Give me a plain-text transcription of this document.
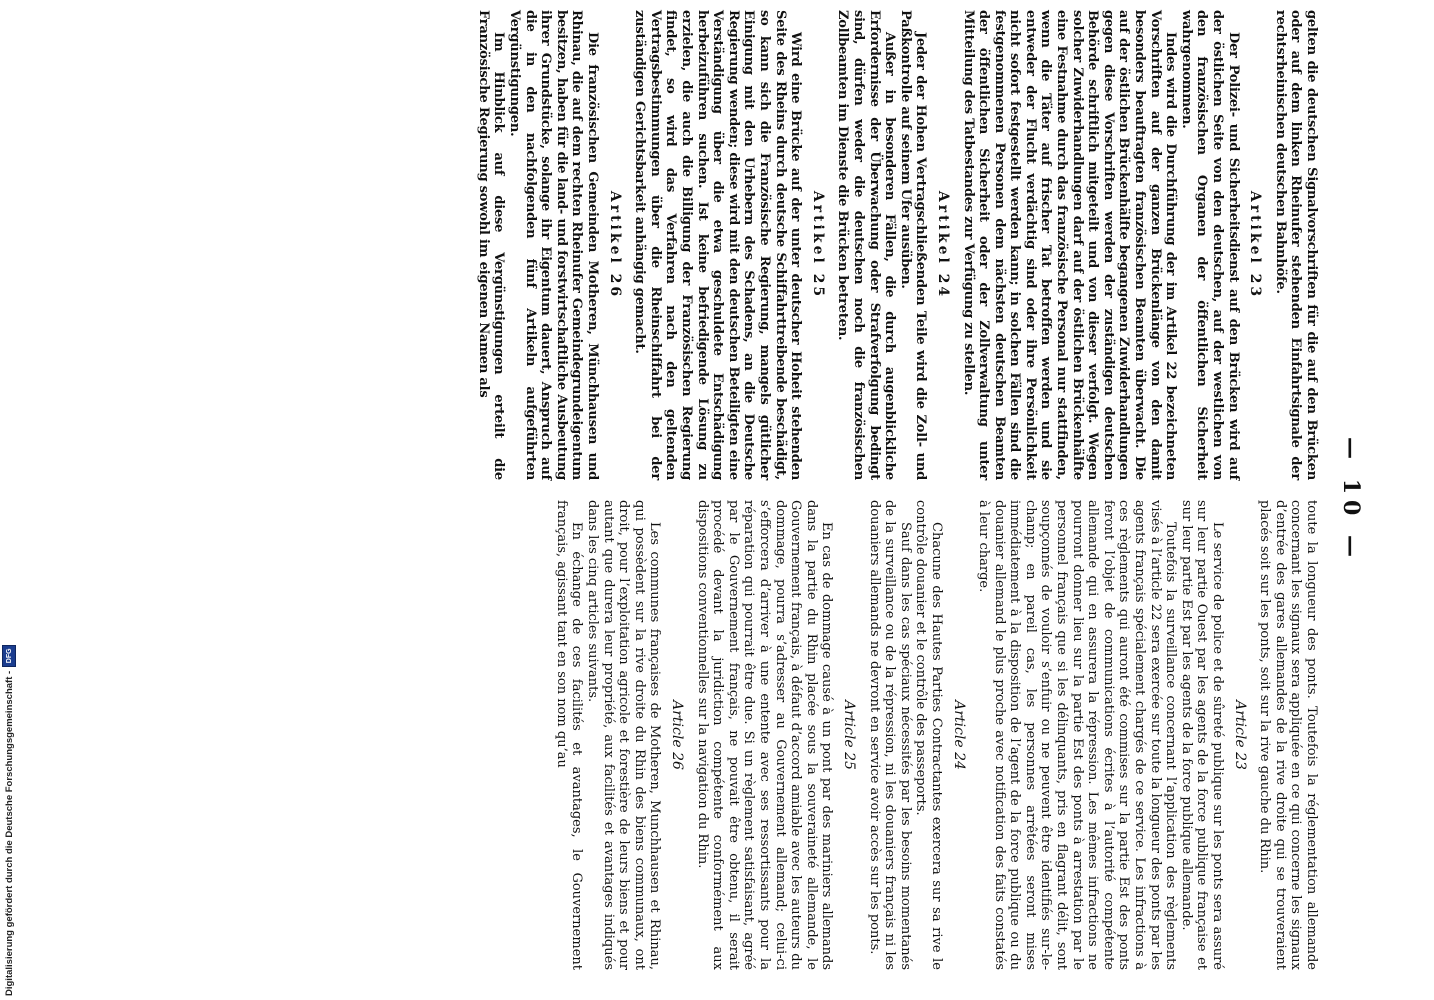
— 10 —

gelten die deutschen Signalvorschriften für die auf den Brücken oder auf dem linken Rheinufer stehenden Einfahrtsignale der rechtsrheinischen deutschen Bahnhöfe.

Artikel 23

Der Polizei- und Sicherheitsdienst auf den Brücken wird auf der östlichen Seite von den deutschen, auf der westlichen von den französischen Organen der öffentlichen Sicherheit wahrgenommen.

Indes wird die Durchführung der im Artikel 22 bezeichneten Vorschriften auf der ganzen Brückenlänge von den damit besonders beauftragten französischen Beamten überwacht. Die auf der östlichen Brückenhälfte begangenen Zuwiderhandlungen gegen diese Vorschriften werden der zuständigen deutschen Behörde schriftlich mitgeteilt und von dieser verfolgt. Wegen solcher Zuwiderhandlungen darf auf der östlichen Brückenhälfte eine Festnahme durch das französische Personal nur stattfinden, wenn die Täter auf frischer Tat betroffen werden und sie entweder der Flucht verdächtig sind oder ihre Persönlichkeit nicht sofort festgestellt werden kann; in solchen Fällen sind die festgenommenen Personen dem nächsten deutschen Beamten der öffentlichen Sicherheit oder der Zollverwaltung unter Mitteilung des Tatbestandes zur Verfügung zu stellen.

Artikel 24

Jeder der Hohen Vertragschließenden Teile wird die Zoll- und Paßkontrolle auf seinem Ufer ausüben.

Außer in besonderen Fällen, die durch augenblickliche Erfordernisse der Überwachung oder Strafverfolgung bedingt sind, dürfen weder die deutschen noch die französischen Zollbeamten im Dienste die Brücken betreten.

Artikel 25

Wird eine Brücke auf der unter deutscher Hoheit stehenden Seite des Rheins durch deutsche Schiffahrttreibende beschädigt, so kann sich die Französische Regierung, mangels gütlicher Einigung mit den Urhebern des Schadens, an die Deutsche Regierung wenden; diese wird mit den deutschen Beteiligten eine Verständigung über die etwa geschuldete Entschädigung herbeizuführen suchen. Ist keine befriedigende Lösung zu erzielen, die auch die Billigung der Französischen Regierung findet, so wird das Verfahren nach den geltenden Vertragsbestimmungen über die Rheinschiffahrt bei der zuständigen Gerichtsbarkeit anhängig gemacht.

Artikel 26

Die französischen Gemeinden Motheren, Münchhausen und Rhinau, die auf dem rechten Rheinufer Gemeindegrundeigentum besitzen, haben für die land- und forstwirtschaftliche Ausbeutung ihrer Grundstücke, solange ihr Eigentum dauert, Anspruch auf die in den nachfolgenden fünf Artikeln aufgeführten Vergünstigungen.

Im Hinblick auf diese Vergünstigungen erteilt die Französische Regierung sowohl im eigenen Namen als

toute la longueur des ponts. Toutefois la réglementation allemande concernant les signaux sera appliquée en ce qui concerne les signaux d’entrée des gares allemandes de la rive droite qui se trouveraient placés soit sur les ponts, soit sur la rive gauche du Rhin.

Article 23

Le service de police et de sûreté publique sur les ponts sera assuré sur leur partie Ouest par les agents de la force publique française et sur leur partie Est par les agents de la force publique allemande.

Toutefois la surveillance concernant l’application des règlements visés à l’article 22 sera exercée sur toute la longueur des ponts par les agents français spécialement chargés de ce service. Les infractions à ces règlements qui auront été commises sur la partie Est des ponts feront l’objet de communications écrites à l’autorité compétente allemande qui en assurera la répression. Les mêmes infractions ne pourront donner lieu sur la partie Est des ponts à arrestation par le personnel français que si les délinquants, pris en flagrant délit, sont soupçonnés de vouloir s’enfuir ou ne peuvent être identifiés sur-le-champ; en pareil cas, les personnes arrêtées seront mises immédiatement à la disposition de l’agent de la force publique ou du douanier allemand le plus proche avec notification des faits constatés à leur charge.

Article 24

Chacune des Hautes Parties Contractantes exercera sur sa rive le contrôle douanier et le contrôle des passeports.

Sauf dans les cas spéciaux nécessités par les besoins momentanés de la surveillance ou de la répression, ni les douaniers français ni les douaniers allemands ne devront en service avoir accès sur les ponts.

Article 25

En cas de dommage causé à un pont par des mariniers allemands dans la partie du Rhin placée sous la souveraineté allemande, le Gouvernement français, à défaut d’accord amiable avec les auteurs du dommage, pourra s’adresser au Gouvernement allemand; celui-ci s’efforcera d’arriver à une entente avec ses ressortissants pour la réparation qui pourrait être due. Si un règlement satisfaisant, agréé par le Gouvernement français, ne pouvait être obtenu, il serait procédé devant la juridiction compétente conformément aux dispositions conventionnelles sur la navigation du Rhin.

Article 26

Les communes françaises de Motheren, Munchhausen et Rhinau, qui possèdent sur la rive droite du Rhin des biens communaux, ont droit, pour l’exploitation agricole et forestière de leurs biens et pour autant que durera leur propriété, aux facilités et avantages indiqués dans les cinq articles suivants.

En échange de ces facilités et avantages, le Gouvernement français, agissant tant en son nom qu’au

Digitalisierung gefördert durch die Deutsche Forschungsgemeinschaft -
DFG
